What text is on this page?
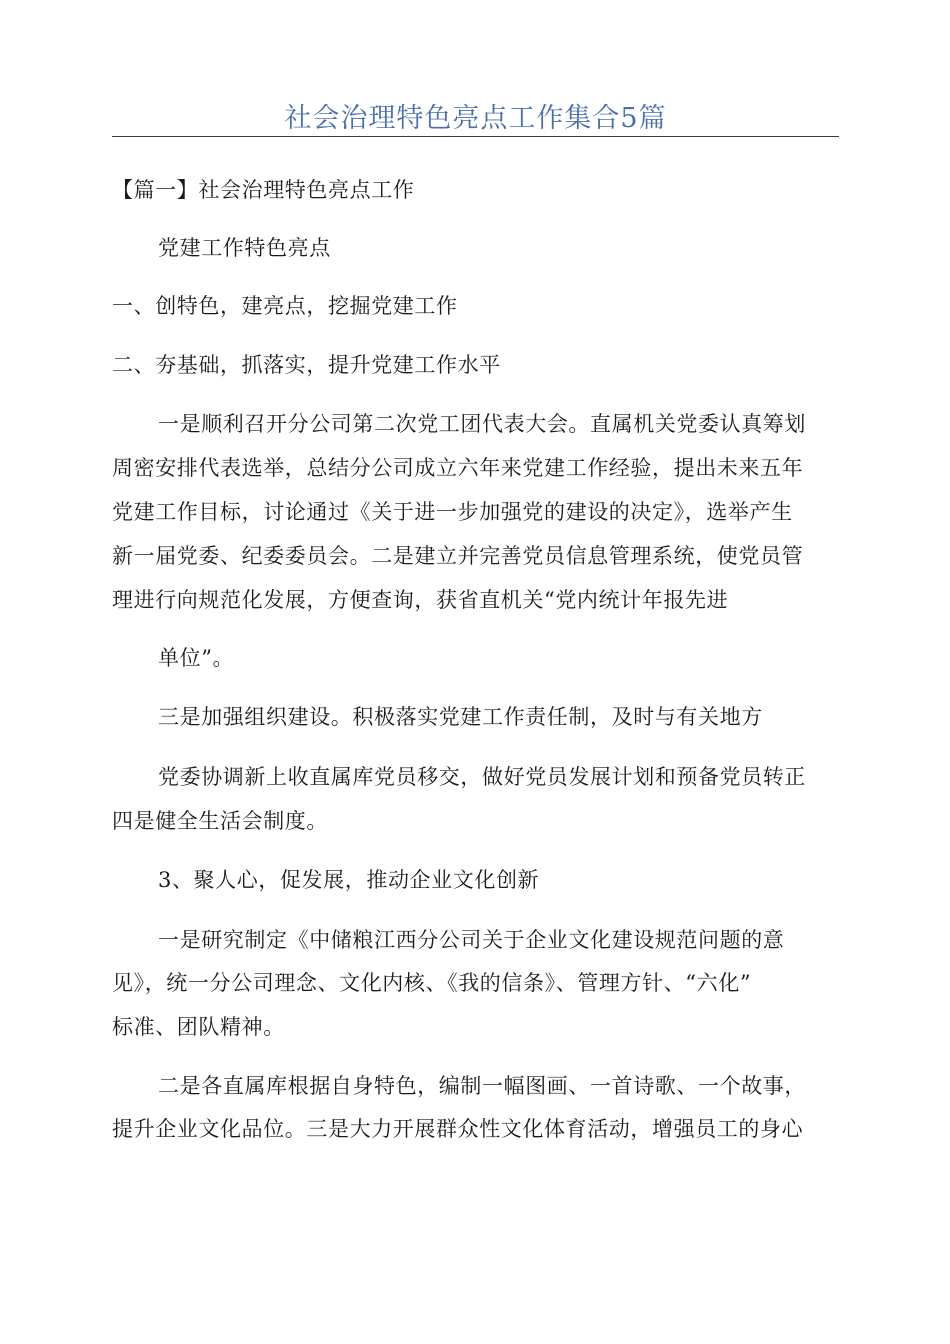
社会治理特色亮点工作集合5篇

【篇一】社会治理特色亮点工作

党建工作特色亮点

一、创特色，建亮点，挖掘党建工作

二、夯基础，抓落实，提升党建工作水平

一是顺利召开分公司第二次党工团代表大会。直属机关党委认真筹划

周密安排代表选举，总结分公司成立六年来党建工作经验，提出未来五年

党建工作目标，讨论通过《关于进一步加强党的建设的决定》，选举产生

新一届党委、纪委委员会。二是建立并完善党员信息管理系统，使党员管

理进行向规范化发展，方便查询，获省直机关“党内统计年报先进

单位”。

三是加强组织建设。积极落实党建工作责任制，及时与有关地方

党委协调新上收直属库党员移交，做好党员发展计划和预备党员转正

四是健全生活会制度。

3、聚人心，促发展，推动企业文化创新

一是研究制定《中储粮江西分公司关于企业文化建设规范问题的意

见》，统一分公司理念、文化内核、《我的信条》、管理方针、“六化”

标准、团队精神。

二是各直属库根据自身特色，编制一幅图画、一首诗歌、一个故事，

提升企业文化品位。三是大力开展群众性文化体育活动，增强员工的身心
